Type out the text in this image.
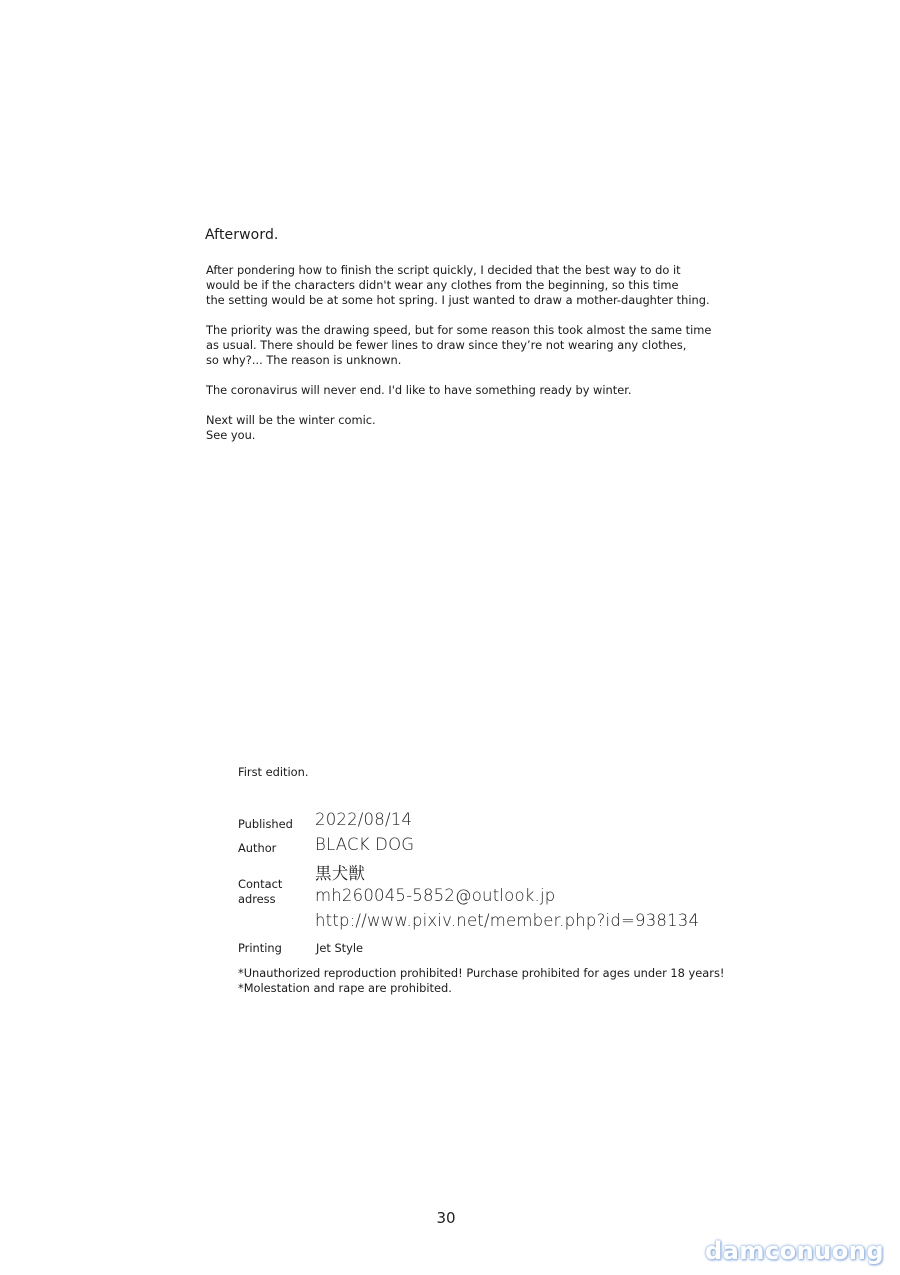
Afterword.
After pondering how to finish the script quickly, I decided that the best way to do it
would be if the characters didn't wear any clothes from the beginning, so this time
the setting would be at some hot spring. I just wanted to draw a mother-daughter thing.
The priority was the drawing speed, but for some reason this took almost the same time
as usual. There should be fewer lines to draw since they’re not wearing any clothes,
so why?... The reason is unknown.
The coronavirus will never end. I'd like to have something ready by winter.
Next will be the winter comic.
See you.
First edition.
Published 2022/08/14
Author BLACK DOG
黒犬獣
Contact
adress mh260045-5852@outlook.jp
http://www.pixiv.net/member.php?id=938134
Printing	Jet Style
*Unauthorized reproduction prohibited! Purchase prohibited for ages under 18 years!
*Molestation and rape are prohibited.
30
damconuong
